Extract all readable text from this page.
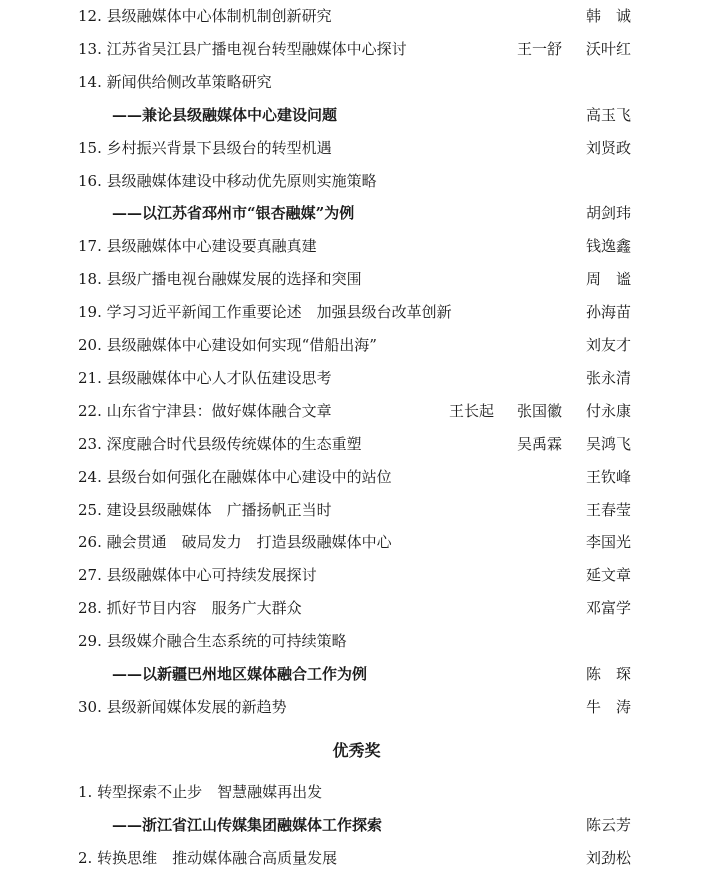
12. 县级融媒体中心体制机制创新研究	韩　诚
13. 江苏省吴江县广播电视台转型融媒体中心探讨	王一舒 沃叶红
14. 新闻供给侧改革策略研究
——兼论县级融媒体中心建设问题	高玉飞
15. 乡村振兴背景下县级台的转型机遇	刘贤政
16. 县级融媒体建设中移动优先原则实施策略
——以江苏省邳州市“银杏融媒”为例	胡剑玮
17. 县级融媒体中心建设要真融真建	钱逸鑫
18. 县级广播电视台融媒发展的选择和突围	周　谧
19. 学习习近平新闻工作重要论述　加强县级台改革创新	孙海苗
20. 县级融媒体中心建设如何实现“借船出海”	刘友才
21. 县级融媒体中心人才队伍建设思考	张永清
22. 山东省宁津县：做好媒体融合文章	王长起 张国徽 付永康
23. 深度融合时代县级传统媒体的生态重塑	吴禹霖 吴鸿飞
24. 县级台如何强化在融媒体中心建设中的站位	王钦峰
25. 建设县级融媒体　广播扬帆正当时	王春莹
26. 融会贯通　破局发力　打造县级融媒体中心	李国光
27. 县级融媒体中心可持续发展探讨	延文章
28. 抓好节目内容　服务广大群众	邓富学
29. 县级媒介融合生态系统的可持续策略
——以新疆巴州地区媒体融合工作为例	陈　琛
30. 县级新闻媒体发展的新趋势	牛　涛
优秀奖
1. 转型探索不止步　智慧融媒再出发
——浙江省江山传媒集团融媒体工作探索	陈云芳
2. 转换思维　推动媒体融合高质量发展	刘劲松
